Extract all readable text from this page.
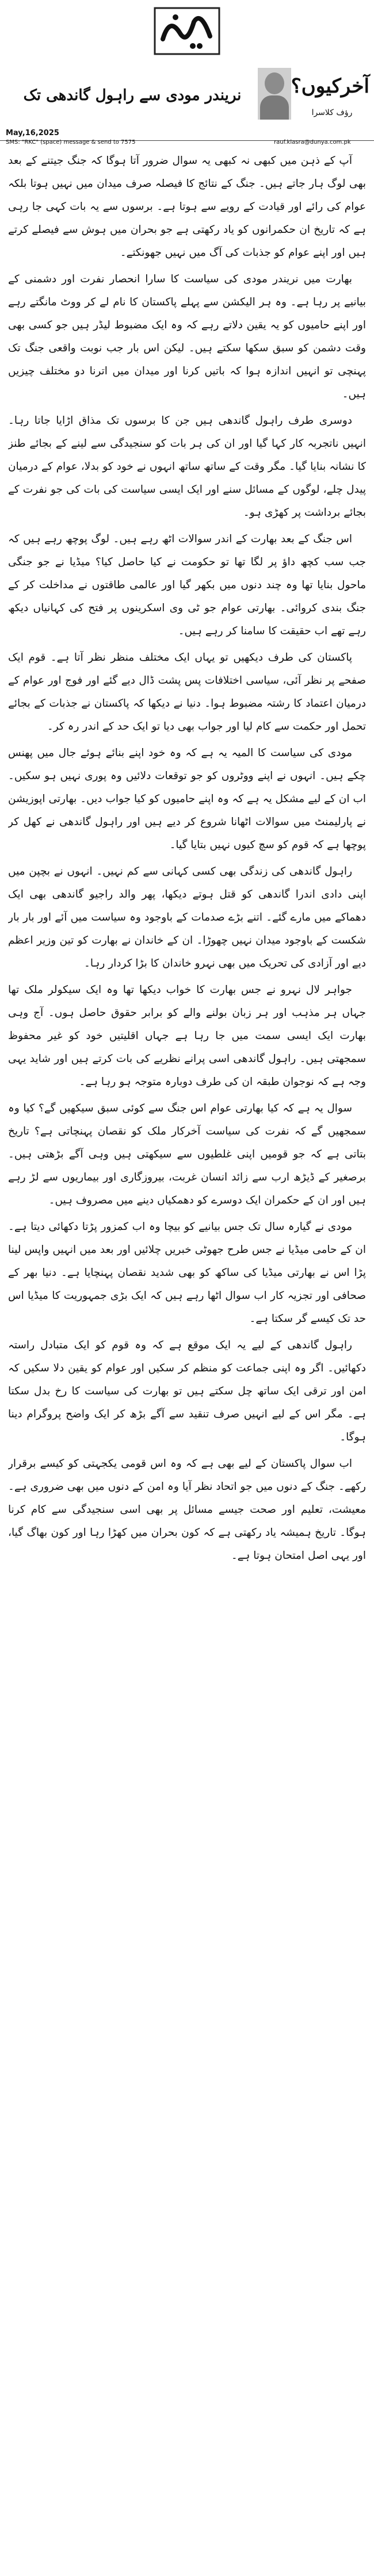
نریندر مودی سے راہول گاندھی تک	آخرکیوں؟
رؤف کلاسرا
May,16,2025
SMS: "RKC" (space) message & send to 7575	rauf.klasra@dunya.com.pk

آپ کے ذہن میں کبھی نہ کبھی یہ سوال ضرور آتا ہوگا کہ جنگ جیتنے کے بعد بھی لوگ ہار جاتے ہیں۔ جنگ کے نتائج کا فیصلہ صرف میدان میں نہیں ہوتا بلکہ عوام کی رائے اور قیادت کے رویے سے ہوتا ہے۔ برسوں سے یہ بات کہی جا رہی ہے کہ تاریخ ان حکمرانوں کو یاد رکھتی ہے جو بحران میں ہوش سے فیصلے کرتے ہیں اور اپنے عوام کو جذبات کی آگ میں نہیں جھونکتے۔

بھارت میں نریندر مودی کی سیاست کا سارا انحصار نفرت اور دشمنی کے بیانیے پر رہا ہے۔ وہ ہر الیکشن سے پہلے پاکستان کا نام لے کر ووٹ مانگتے رہے اور اپنے حامیوں کو یہ یقین دلاتے رہے کہ وہ ایک مضبوط لیڈر ہیں جو کسی بھی وقت دشمن کو سبق سکھا سکتے ہیں۔ لیکن اس بار جب نوبت واقعی جنگ تک پہنچی تو انہیں اندازہ ہوا کہ باتیں کرنا اور میدان میں اترنا دو مختلف چیزیں ہیں۔

دوسری طرف راہول گاندھی ہیں جن کا برسوں تک مذاق اڑایا جاتا رہا۔ انہیں ناتجربہ کار کہا گیا اور ان کی ہر بات کو سنجیدگی سے لینے کے بجائے طنز کا نشانہ بنایا گیا۔ مگر وقت کے ساتھ ساتھ انہوں نے خود کو بدلا، عوام کے درمیان پیدل چلے، لوگوں کے مسائل سنے اور ایک ایسی سیاست کی بات کی جو نفرت کے بجائے برداشت پر کھڑی ہو۔

اس جنگ کے بعد بھارت کے اندر سوالات اٹھ رہے ہیں۔ لوگ پوچھ رہے ہیں کہ جب سب کچھ داؤ پر لگا تھا تو حکومت نے کیا حاصل کیا؟ میڈیا نے جو جنگی ماحول بنایا تھا وہ چند دنوں میں بکھر گیا اور عالمی طاقتوں نے مداخلت کر کے جنگ بندی کروائی۔ بھارتی عوام جو ٹی وی اسکرینوں پر فتح کی کہانیاں دیکھ رہے تھے اب حقیقت کا سامنا کر رہے ہیں۔

پاکستان کی طرف دیکھیں تو یہاں ایک مختلف منظر نظر آتا ہے۔ قوم ایک صفحے پر نظر آئی، سیاسی اختلافات پس پشت ڈال دیے گئے اور فوج اور عوام کے درمیان اعتماد کا رشتہ مضبوط ہوا۔ دنیا نے دیکھا کہ پاکستان نے جذبات کے بجائے تحمل اور حکمت سے کام لیا اور جواب بھی دیا تو ایک حد کے اندر رہ کر۔

مودی کی سیاست کا المیہ یہ ہے کہ وہ خود اپنے بنائے ہوئے جال میں پھنس چکے ہیں۔ انہوں نے اپنے ووٹروں کو جو توقعات دلائیں وہ پوری نہیں ہو سکیں۔ اب ان کے لیے مشکل یہ ہے کہ وہ اپنے حامیوں کو کیا جواب دیں۔ بھارتی اپوزیشن نے پارلیمنٹ میں سوالات اٹھانا شروع کر دیے ہیں اور راہول گاندھی نے کھل کر پوچھا ہے کہ قوم کو سچ کیوں نہیں بتایا گیا۔

راہول گاندھی کی زندگی بھی کسی کہانی سے کم نہیں۔ انہوں نے بچپن میں اپنی دادی اندرا گاندھی کو قتل ہوتے دیکھا، پھر والد راجیو گاندھی بھی ایک دھماکے میں مارے گئے۔ اتنے بڑے صدمات کے باوجود وہ سیاست میں آئے اور بار بار شکست کے باوجود میدان نہیں چھوڑا۔ ان کے خاندان نے بھارت کو تین وزیر اعظم دیے اور آزادی کی تحریک میں بھی نہرو خاندان کا بڑا کردار رہا۔

جواہر لال نہرو نے جس بھارت کا خواب دیکھا تھا وہ ایک سیکولر ملک تھا جہاں ہر مذہب اور ہر زبان بولنے والے کو برابر حقوق حاصل ہوں۔ آج وہی بھارت ایک ایسی سمت میں جا رہا ہے جہاں اقلیتیں خود کو غیر محفوظ سمجھتی ہیں۔ راہول گاندھی اسی پرانے نظریے کی بات کرتے ہیں اور شاید یہی وجہ ہے کہ نوجوان طبقہ ان کی طرف دوبارہ متوجہ ہو رہا ہے۔

سوال یہ ہے کہ کیا بھارتی عوام اس جنگ سے کوئی سبق سیکھیں گے؟ کیا وہ سمجھیں گے کہ نفرت کی سیاست آخرکار ملک کو نقصان پہنچاتی ہے؟ تاریخ بتاتی ہے کہ جو قومیں اپنی غلطیوں سے سیکھتی ہیں وہی آگے بڑھتی ہیں۔ برصغیر کے ڈیڑھ ارب سے زائد انسان غربت، بیروزگاری اور بیماریوں سے لڑ رہے ہیں اور ان کے حکمران ایک دوسرے کو دھمکیاں دینے میں مصروف ہیں۔

مودی نے گیارہ سال تک جس بیانیے کو بیچا وہ اب کمزور پڑتا دکھائی دیتا ہے۔ ان کے حامی میڈیا نے جس طرح جھوٹی خبریں چلائیں اور بعد میں انہیں واپس لینا پڑا اس نے بھارتی میڈیا کی ساکھ کو بھی شدید نقصان پہنچایا ہے۔ دنیا بھر کے صحافی اور تجزیہ کار اب سوال اٹھا رہے ہیں کہ ایک بڑی جمہوریت کا میڈیا اس حد تک کیسے گر سکتا ہے۔

راہول گاندھی کے لیے یہ ایک موقع ہے کہ وہ قوم کو ایک متبادل راستہ دکھائیں۔ اگر وہ اپنی جماعت کو منظم کر سکیں اور عوام کو یقین دلا سکیں کہ امن اور ترقی ایک ساتھ چل سکتے ہیں تو بھارت کی سیاست کا رخ بدل سکتا ہے۔ مگر اس کے لیے انہیں صرف تنقید سے آگے بڑھ کر ایک واضح پروگرام دینا ہوگا۔

اب سوال پاکستان کے لیے بھی ہے کہ وہ اس قومی یکجہتی کو کیسے برقرار رکھے۔ جنگ کے دنوں میں جو اتحاد نظر آیا وہ امن کے دنوں میں بھی ضروری ہے۔ معیشت، تعلیم اور صحت جیسے مسائل پر بھی اسی سنجیدگی سے کام کرنا ہوگا۔ تاریخ ہمیشہ یاد رکھتی ہے کہ کون بحران میں کھڑا رہا اور کون بھاگ گیا، اور یہی اصل امتحان ہوتا ہے۔
